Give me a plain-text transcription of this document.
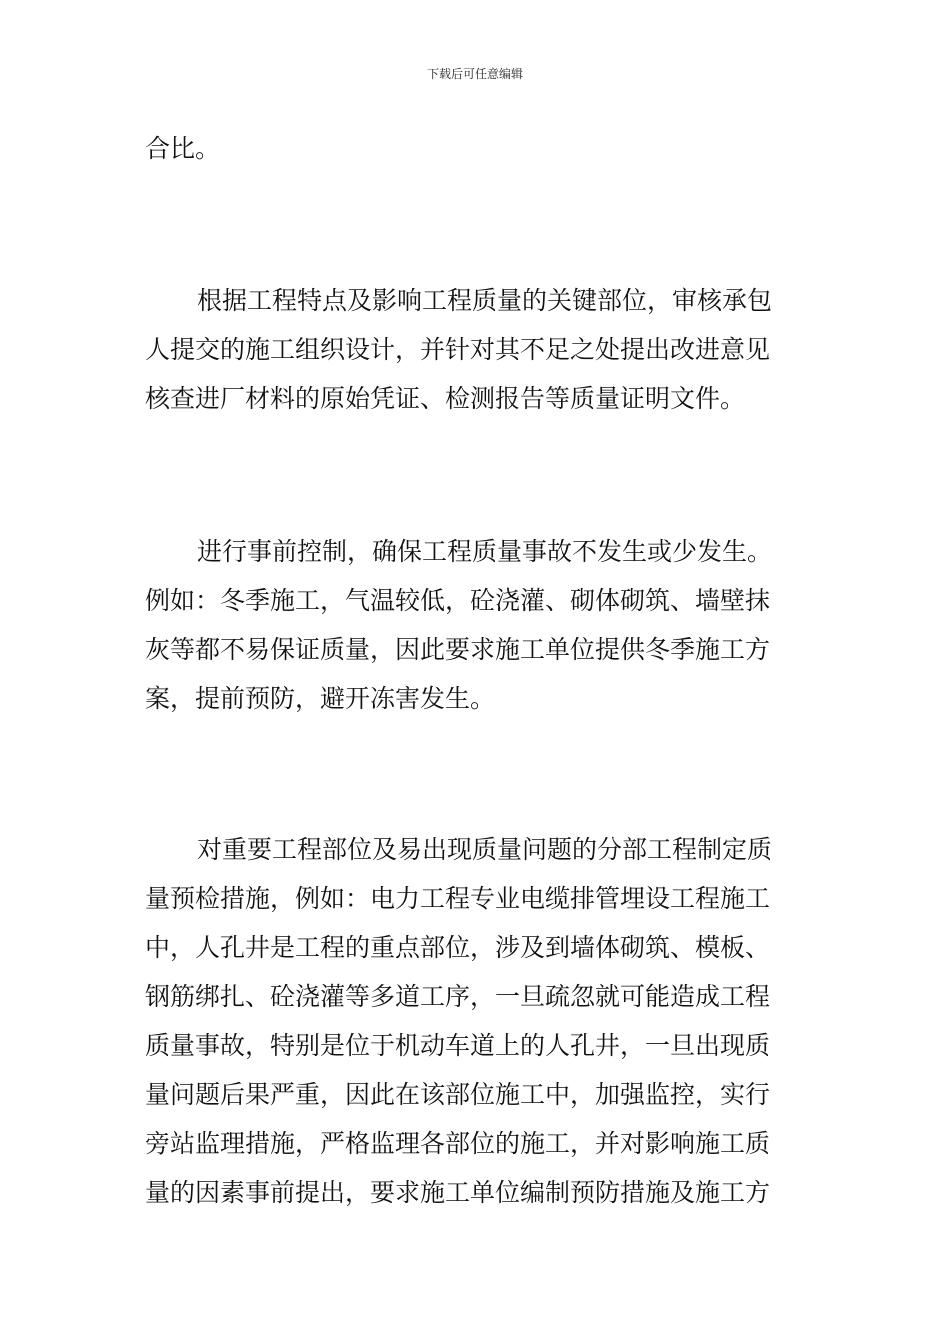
下载后可任意编辑
合比。
根据工程特点及影响工程质量的关键部位，审核承包
人提交的施工组织设计，并针对其不足之处提出改进意见
核查进厂材料的原始凭证、检测报告等质量证明文件。
进行事前控制，确保工程质量事故不发生或少发生。
例如：冬季施工，气温较低，砼浇灌、砌体砌筑、墙壁抹
灰等都不易保证质量，因此要求施工单位提供冬季施工方
案，提前预防，避开冻害发生。
对重要工程部位及易出现质量问题的分部工程制定质
量预检措施，例如：电力工程专业电缆排管埋设工程施工
中，人孔井是工程的重点部位，涉及到墙体砌筑、模板、
钢筋绑扎、砼浇灌等多道工序，一旦疏忽就可能造成工程
质量事故，特别是位于机动车道上的人孔井，一旦出现质
量问题后果严重，因此在该部位施工中，加强监控，实行
旁站监理措施，严格监理各部位的施工，并对影响施工质
量的因素事前提出，要求施工单位编制预防措施及施工方
